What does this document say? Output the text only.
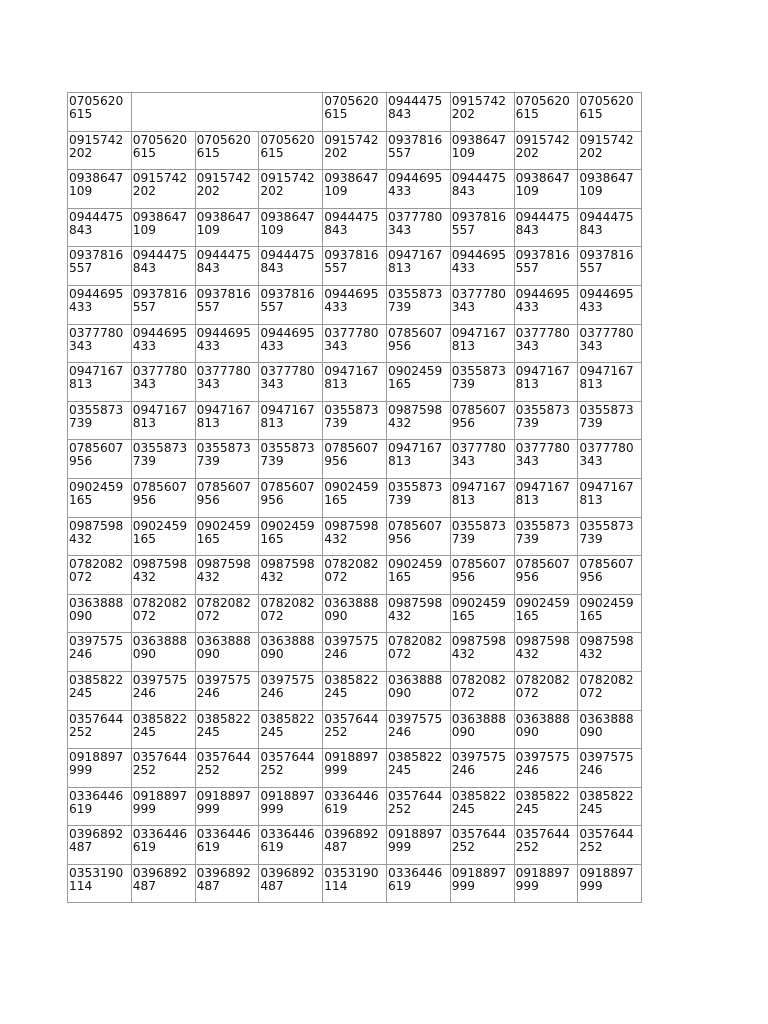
0705620615				0705620615	0944475843	0915742202	0705620615	0705620615
0915742202	0705620615	0705620615	0705620615	0915742202	0937816557	0938647109	0915742202	0915742202
0938647109	0915742202	0915742202	0915742202	0938647109	0944695433	0944475843	0938647109	0938647109
0944475843	0938647109	0938647109	0938647109	0944475843	0377780343	0937816557	0944475843	0944475843
0937816557	0944475843	0944475843	0944475843	0937816557	0947167813	0944695433	0937816557	0937816557
0944695433	0937816557	0937816557	0937816557	0944695433	0355873739	0377780343	0944695433	0944695433
0377780343	0944695433	0944695433	0944695433	0377780343	0785607956	0947167813	0377780343	0377780343
0947167813	0377780343	0377780343	0377780343	0947167813	0902459165	0355873739	0947167813	0947167813
0355873739	0947167813	0947167813	0947167813	0355873739	0987598432	0785607956	0355873739	0355873739
0785607956	0355873739	0355873739	0355873739	0785607956	0947167813	0377780343	0377780343	0377780343
0902459165	0785607956	0785607956	0785607956	0902459165	0355873739	0947167813	0947167813	0947167813
0987598432	0902459165	0902459165	0902459165	0987598432	0785607956	0355873739	0355873739	0355873739
0782082072	0987598432	0987598432	0987598432	0782082072	0902459165	0785607956	0785607956	0785607956
0363888090	0782082072	0782082072	0782082072	0363888090	0987598432	0902459165	0902459165	0902459165
0397575246	0363888090	0363888090	0363888090	0397575246	0782082072	0987598432	0987598432	0987598432
0385822245	0397575246	0397575246	0397575246	0385822245	0363888090	0782082072	0782082072	0782082072
0357644252	0385822245	0385822245	0385822245	0357644252	0397575246	0363888090	0363888090	0363888090
0918897999	0357644252	0357644252	0357644252	0918897999	0385822245	0397575246	0397575246	0397575246
0336446619	0918897999	0918897999	0918897999	0336446619	0357644252	0385822245	0385822245	0385822245
0396892487	0336446619	0336446619	0336446619	0396892487	0918897999	0357644252	0357644252	0357644252
0353190114	0396892487	0396892487	0396892487	0353190114	0336446619	0918897999	0918897999	0918897999
